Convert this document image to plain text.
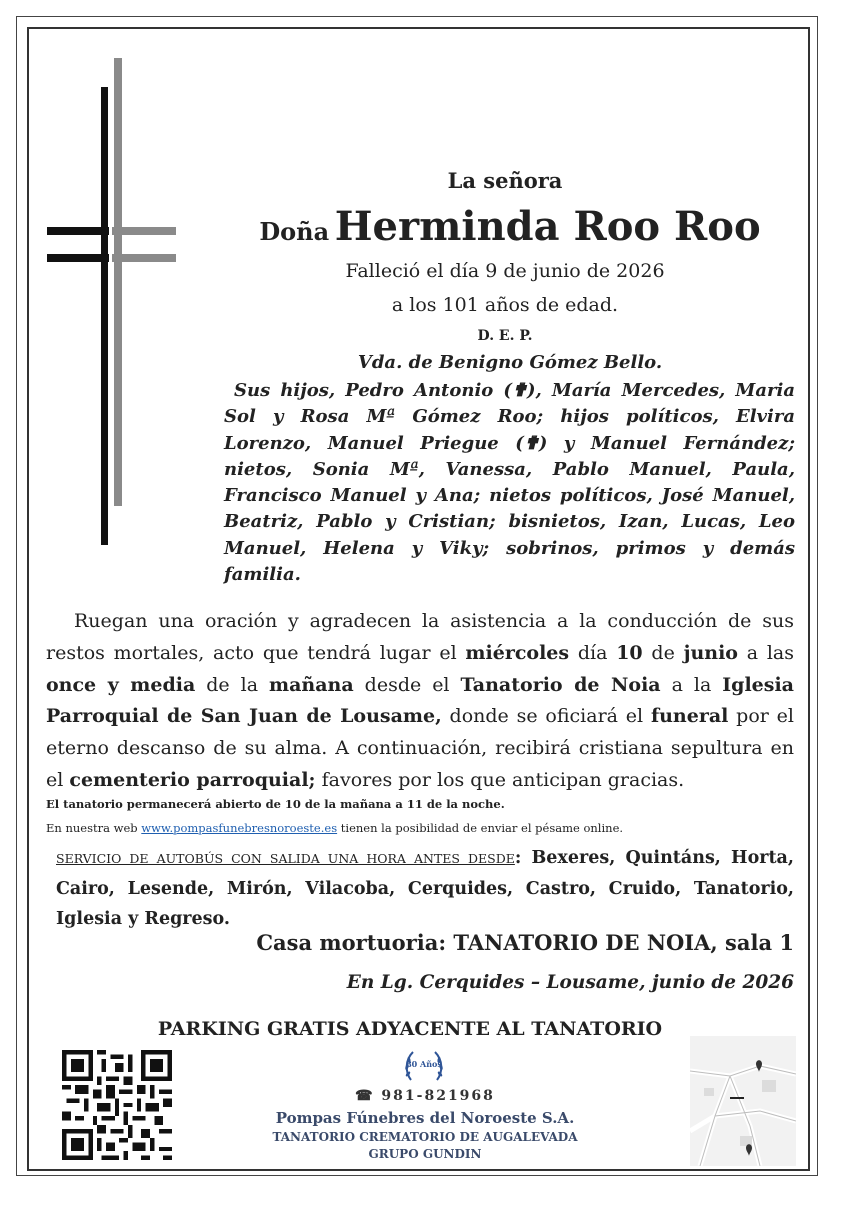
La señora
Doña Herminda Roo Roo
Falleció el día 9 de junio de 2026
a los 101 años de edad.
D. E. P.
Vda. de Benigno Gómez Bello.
Sus hijos, Pedro Antonio (✟), María Mercedes, Maria Sol y Rosa Mª Gómez Roo; hijos políticos, Elvira Lorenzo, Manuel Priegue (✟) y Manuel Fernández; nietos, Sonia Mª, Vanessa, Pablo Manuel, Paula, Francisco Manuel y Ana; nietos políticos, José Manuel, Beatriz, Pablo y Cristian; bisnietos, Izan, Lucas, Leo Manuel, Helena y Viky; sobrinos, primos y demás familia.
Ruegan una oración y agradecen la asistencia a la conducción de sus restos mortales, acto que tendrá lugar el miércoles día 10 de junio a las once y media de la mañana desde el Tanatorio de Noia a la Iglesia Parroquial de San Juan de Lousame, donde se oficiará el funeral por el eterno descanso de su alma. A continuación, recibirá cristiana sepultura en el cementerio parroquial; favores por los que anticipan gracias.
El tanatorio permanecerá abierto de 10 de la mañana a 11 de la noche.
En nuestra web www.pompasfunebresnoroeste.es tienen la posibilidad de enviar el pésame online.
SERVICIO DE AUTOBÚS CON SALIDA UNA HORA ANTES DESDE: Bexeres, Quintáns, Horta, Cairo, Lesende, Mirón, Vilacoba, Cerquides, Castro, Cruido, Tanatorio, Iglesia y Regreso.
Casa mortuoria: TANATORIO DE NOIA, sala 1
En Lg. Cerquides – Lousame, junio de 2026
PARKING GRATIS ADYACENTE AL TANATORIO
80 Años
☎ 981-821968
Pompas Fúnebres del Noroeste S.A.
TANATORIO CREMATORIO DE AUGALEVADA
GRUPO GUNDIN
